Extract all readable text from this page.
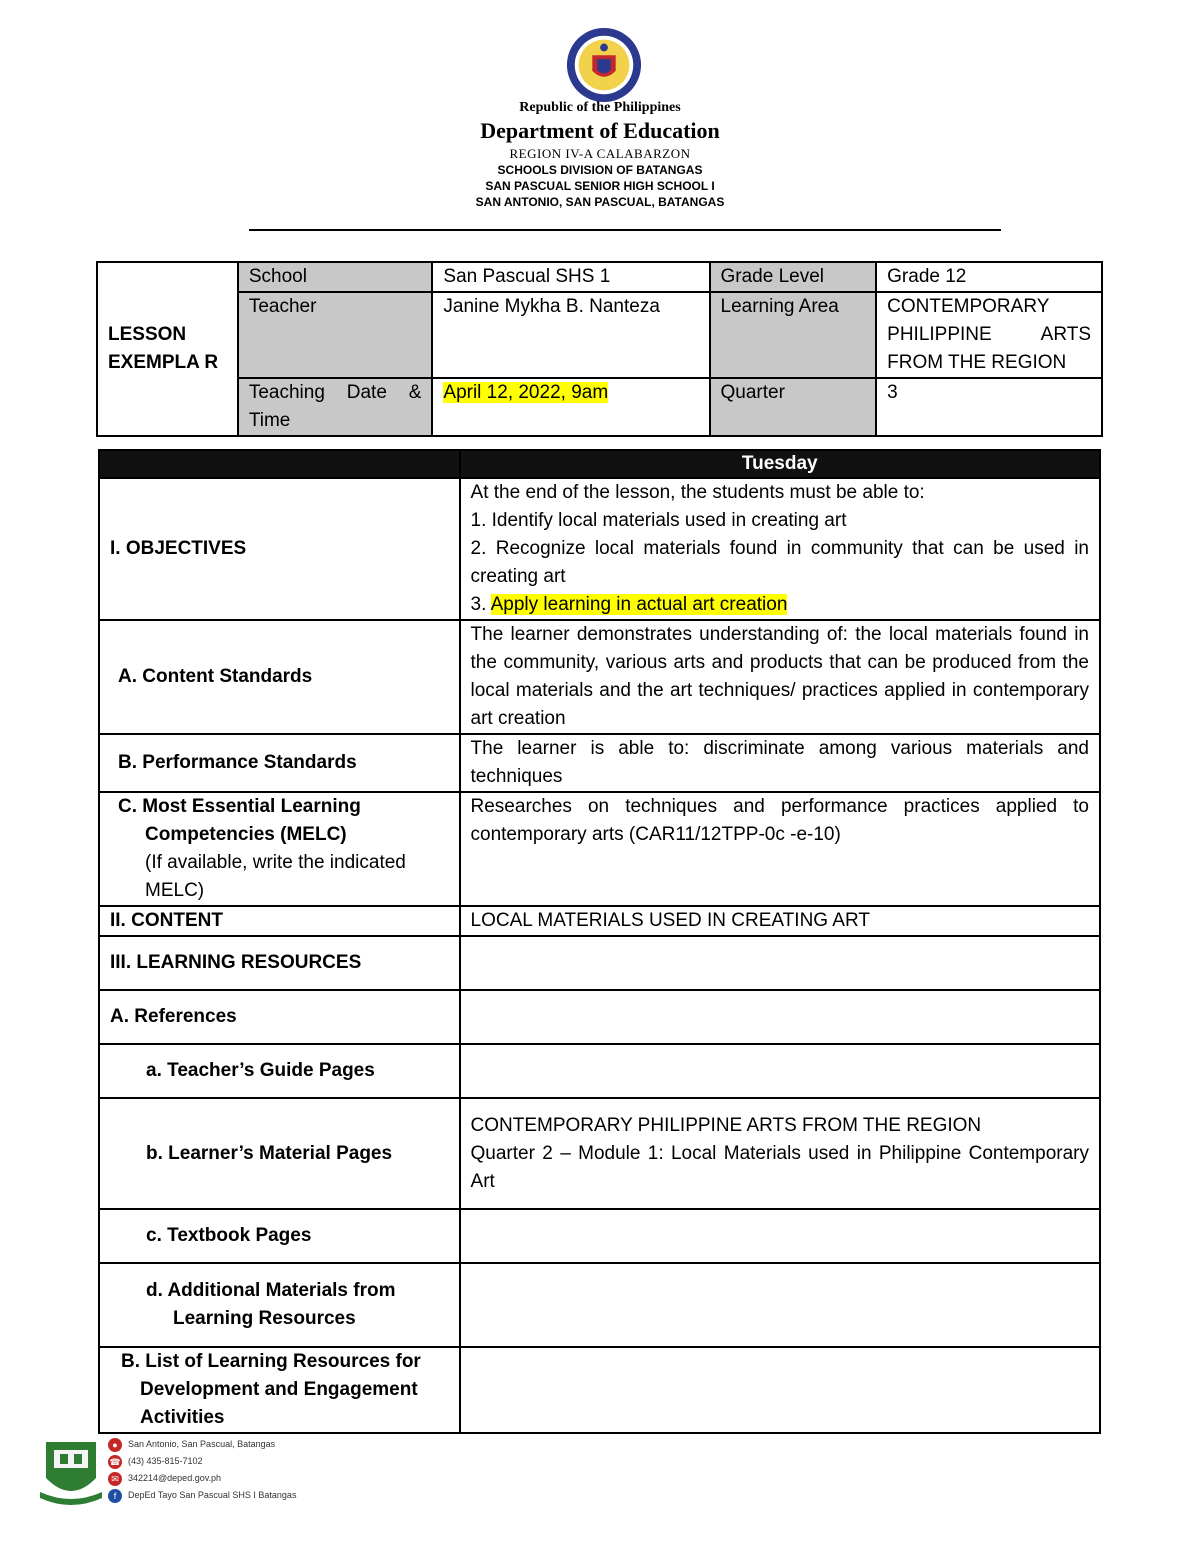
Republic of the Philippines
Department of Education
REGION IV-A CALABARZON
SCHOOLS DIVISION OF BATANGAS
SAN PASCUAL SENIOR HIGH SCHOOL I
SAN ANTONIO, SAN PASCUAL, BATANGAS
LESSON EXEMPLA R	School	San Pascual SHS 1	Grade Level	Grade 12
	Teacher	Janine Mykha B. Nanteza	Learning Area	CONTEMPORARY PHILIPPINE ARTS FROM THE REGION
	Teaching Date & Time	April 12, 2022, 9am	Quarter	3
	Tuesday
I. OBJECTIVES	At the end of the lesson, the students must be able to:
1. Identify local materials used in creating art
2. Recognize local materials found in community that can be used in creating art
3. Apply learning in actual art creation

A. Content Standards	The learner demonstrates understanding of: the local materials found in the community, various arts and products that can be produced from the local materials and the art techniques/ practices applied in contemporary art creation
B. Performance Standards	The learner is able to: discriminate among various materials and techniques

C. Most Essential Learning Competencies (MELC)
(If available, write the indicated MELC)	Researches on techniques and performance practices applied to contemporary arts (CAR11/12TPP-0c -e-10)
II. CONTENT	LOCAL MATERIALS USED IN CREATING ART
III. LEARNING RESOURCES	
A. References	
a. Teacher’s Guide Pages	

b. Learner’s Material Pages	CONTEMPORARY PHILIPPINE ARTS FROM THE REGION
Quarter 2 – Module 1: Local Materials used in Philippine Contemporary Art

c. Textbook Pages	

d. Additional Materials from Learning Resources	

B. List of Learning Resources for Development and Engagement Activities	

● San Antonio, San Pascual, Batangas
☎ (43) 435-815-7102
✉ 342214@deped.gov.ph
f DepEd Tayo San Pascual SHS I Batangas
